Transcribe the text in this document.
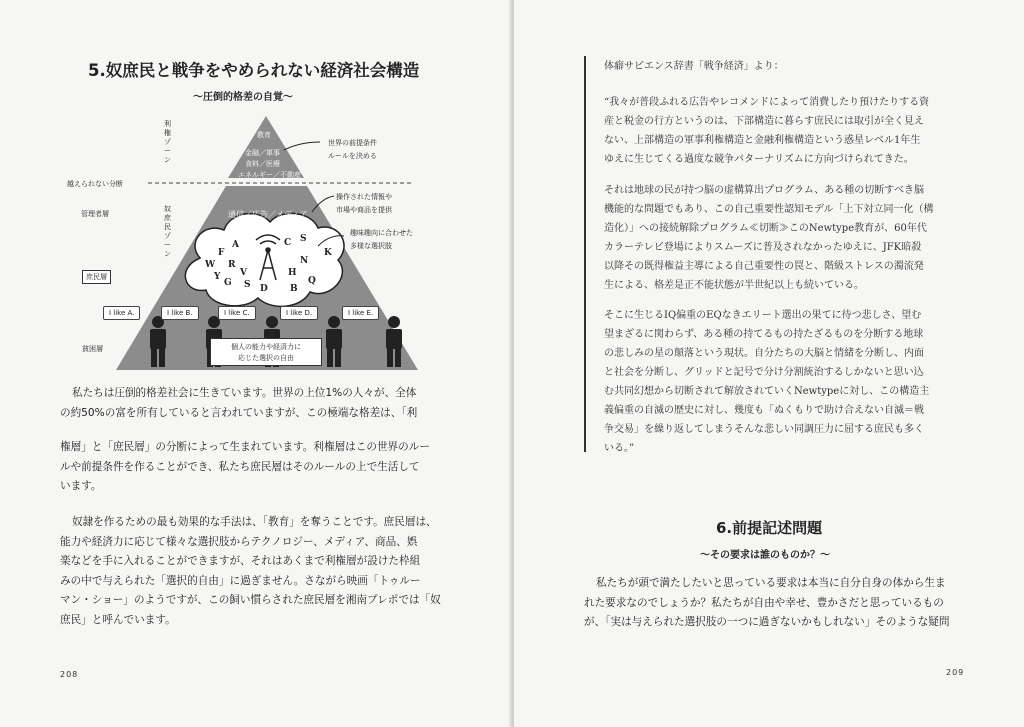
5.奴庶民と戦争をやめられない経済社会構造
〜圧倒的格差の自覚〜
利権ゾーン
奴庶民ゾーン
越えられない分断
管理者層
庶民層
貧困層
教育
金融／軍事
食料／医療
エネルギー／不動産
通信／広告／メディア
世界の前提条件
ルールを決める
操作された情報や
市場や商品を提供
趣味趣向に合わせた
多様な選択肢
A
F
C S
W R	N
K
Y V	H
G S	Q
D B
I like A.	I like B.	I like C.	I like D.	I like E.
個人の能力や経済力に
応じた選択の自由
私たちは圧倒的格差社会に生きています。世界の上位1%の人々が、全体
の約50%の富を所有していると言われていますが、この極端な格差は、「利
権層」と「庶民層」の分断によって生まれています。利権層はこの世界のルー
ルや前提条件を作ることができ、私たち庶民層はそのルールの上で生活して
います。
奴隷を作るための最も効果的な手法は、「教育」を奪うことです。庶民層は、
能力や経済力に応じて様々な選択肢からテクノロジー、メディア、商品、娯
楽などを手に入れることができますが、それはあくまで利権層が設けた枠組
みの中で与えられた「選択的自由」に過ぎません。さながら映画「トゥルー
マン・ショー」のようですが、この飼い慣らされた庶民層を湘南プレポでは「奴
庶民」と呼んでいます。
208
体癖サピエンス辞書「戦争経済」より：
“我々が普段ふれる広告やレコメンドによって消費したり預けたりする資
産と税金の行方というのは、下部構造に暮らす庶民には取引が全く見え
ない、上部構造の軍事利権構造と金融利権構造という惑星レベル1年生
ゆえに生じてくる過度な競争パターナリズムに方向づけられてきた。
それは地球の民が持つ脳の虚構算出プログラム、ある種の切断すべき脳
機能的な問題でもあり、この自己重要性認知モデル「上下対立同一化（構
造化）」への接続解除プログラム≪切断≫このNewtype教育が、60年代
カラーテレビ登場によりスムーズに普及されなかったゆえに、JFK暗殺
以降その既得権益主導による自己重要性の罠と、階級ストレスの濁流発
生による、格差是正不能状態が半世紀以上も続いている。
そこに生じるIQ偏重のEQなきエリート選出の果てに待つ悲しさ、望む
望まざるに関わらず、ある種の持てるもの持たざるものを分断する地球
の悲しみの星の顛落という現状。自分たちの大脳と情緒を分断し、内面
と社会を分断し、グリッドと記号で分け分割統治するしかないと思い込
む共同幻想から切断されて解放されていくNewtypeに対し、この構造主
義偏重の自滅の歴史に対し、幾度も「ぬくもりで助け合えない自滅＝戦
争交易」を繰り返してしまうそんな悲しい同調圧力に屈する庶民も多く
いる。”
6.前提記述問題
〜その要求は誰のものか？〜
私たちが頭で満たしたいと思っている要求は本当に自分自身の体から生ま
れた要求なのでしょうか？私たちが自由や幸せ、豊かさだと思っているもの
が、「実は与えられた選択肢の一つに過ぎないかもしれない」そのような疑問
209
